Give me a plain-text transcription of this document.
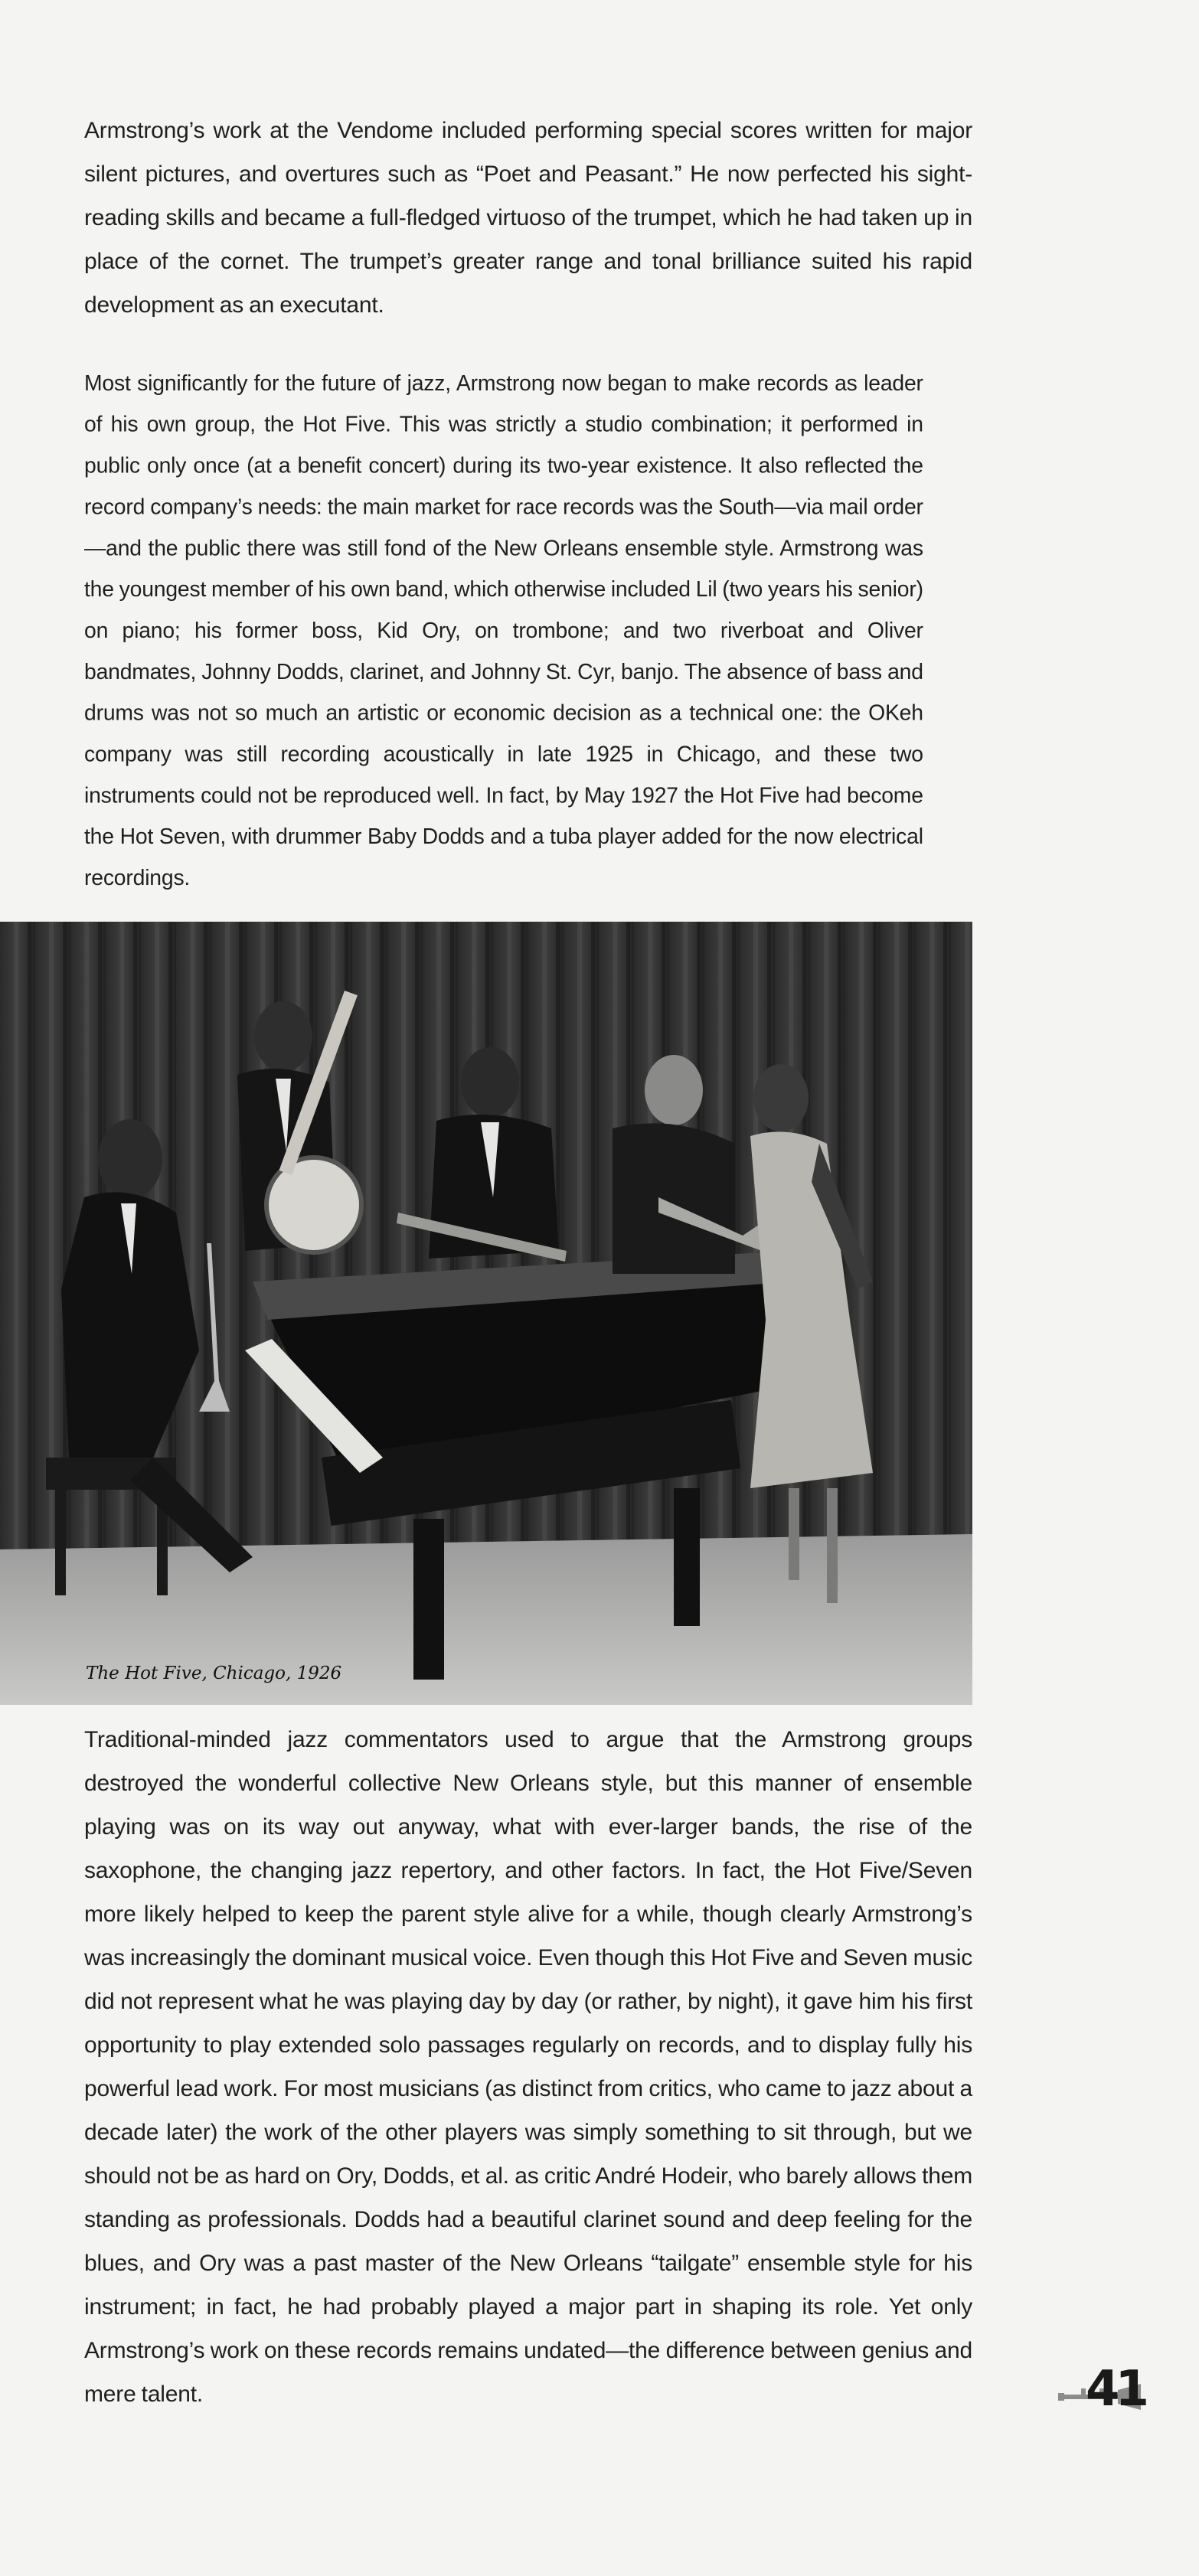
Armstrong’s work at the Vendome included performing special scores written for major silent pictures, and overtures such as “Poet and Peasant.” He now perfected his sight-reading skills and became a full-fledged virtuoso of the trumpet, which he had taken up in place of the cornet. The trumpet’s greater range and tonal brilliance suited his rapid development as an executant.

Most significantly for the future of jazz, Armstrong now began to make records as leader of his own group, the Hot Five. This was strictly a studio combination; it performed in public only once (at a benefit concert) during its two-year existence. It also reflected the record company’s needs: the main market for race records was the South—via mail order—and the public there was still fond of the New Orleans ensemble style. Armstrong was the youngest member of his own band, which otherwise included Lil (two years his senior) on piano; his former boss, Kid Ory, on trombone; and two riverboat and Oliver bandmates, Johnny Dodds, clarinet, and Johnny St. Cyr, banjo. The absence of bass and drums was not so much an artistic or economic decision as a technical one: the OKeh company was still recording acoustically in late 1925 in Chicago, and these two instruments could not be reproduced well. In fact, by May 1927 the Hot Five had become the Hot Seven, with drummer Baby Dodds and a tuba player added for the now electrical recordings.

The Hot Five, Chicago, 1926

Traditional-minded jazz commentators used to argue that the Armstrong groups destroyed the wonderful collective New Orleans style, but this manner of ensemble playing was on its way out anyway, what with ever-larger bands, the rise of the saxophone, the changing jazz repertory, and other factors. In fact, the Hot Five/Seven more likely helped to keep the parent style alive for a while, though clearly Armstrong’s was increasingly the dominant musical voice. Even though this Hot Five and Seven music did not represent what he was playing day by day (or rather, by night), it gave him his first opportunity to play extended solo passages regularly on records, and to display fully his powerful lead work. For most musicians (as distinct from critics, who came to jazz about a decade later) the work of the other players was simply something to sit through, but we should not be as hard on Ory, Dodds, et al. as critic André Hodeir, who barely allows them standing as professionals. Dodds had a beautiful clarinet sound and deep feeling for the blues, and Ory was a past master of the New Orleans “tailgate” ensemble style for his instrument; in fact, he had probably played a major part in shaping its role. Yet only Armstrong’s work on these records remains undated—the difference between genius and mere talent.	41
